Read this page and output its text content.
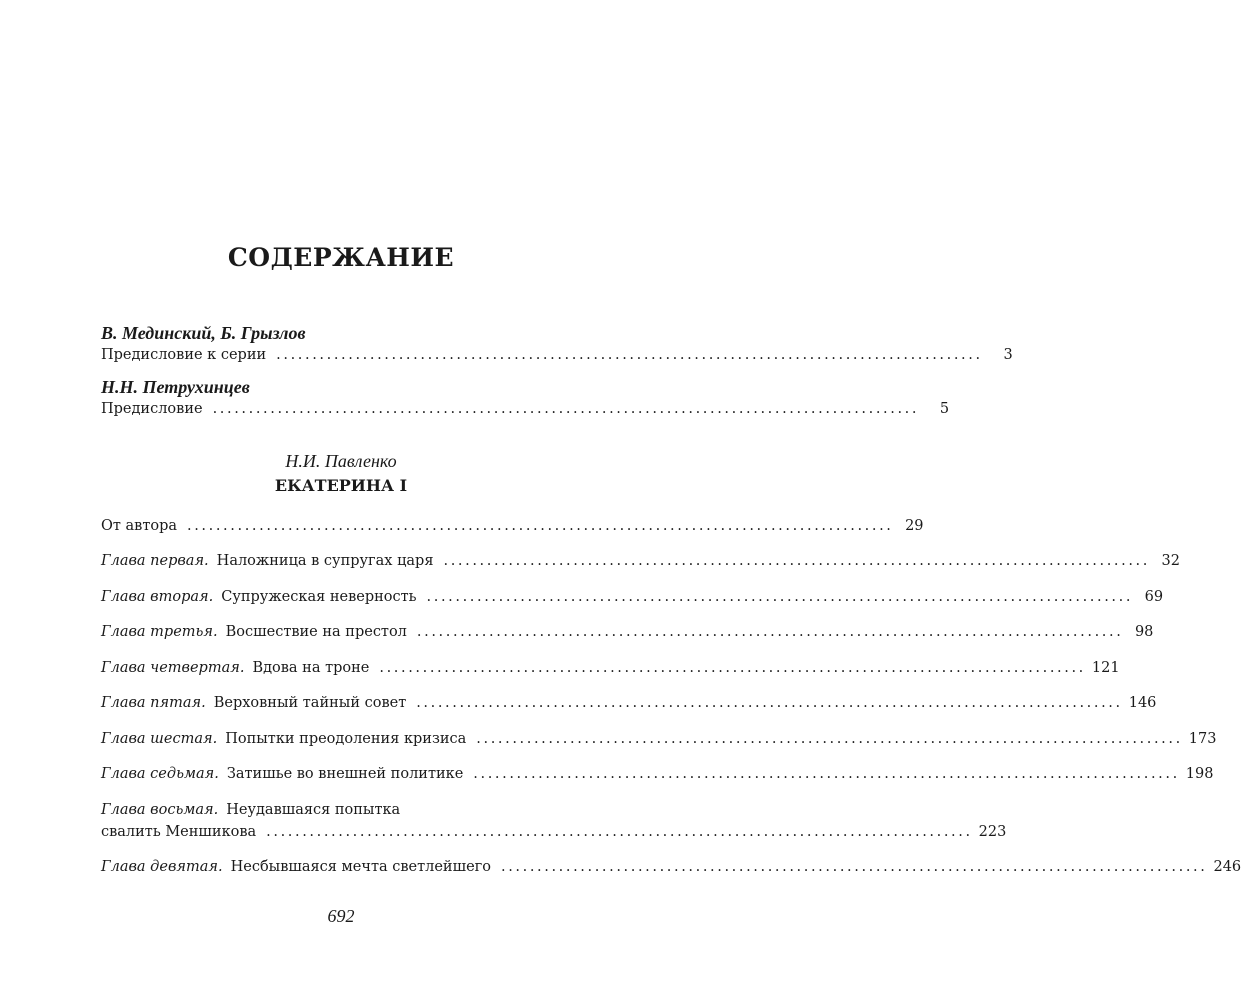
СОДЕРЖАНИЕ
В. Мединский, Б. Грызлов
Предисловие к серии ..................................................................................................	3
Н.Н. Петрухинцев
Предисловие ..................................................................................................	5
Н.И. Павленко
ЕКАТЕРИНА I
От автора .................................................................................................. 29
Глава первая. Наложница в супругах царя .................................................................................................. 32
Глава вторая. Супружеская неверность .................................................................................................. 69
Глава третья. Восшествие на престол .................................................................................................. 98
Глава четвертая. Вдова на троне .................................................................................................. 121
Глава пятая. Верховный тайный совет .................................................................................................. 146
Глава шестая. Попытки преодоления кризиса .................................................................................................. 173
Глава седьмая. Затишье во внешней политике .................................................................................................. 198
Глава восьмая. Неудавшаяся попытка
свалить Меншикова .................................................................................................. 223
Глава девятая. Несбывшаяся мечта светлейшего .................................................................................................. 246
692
